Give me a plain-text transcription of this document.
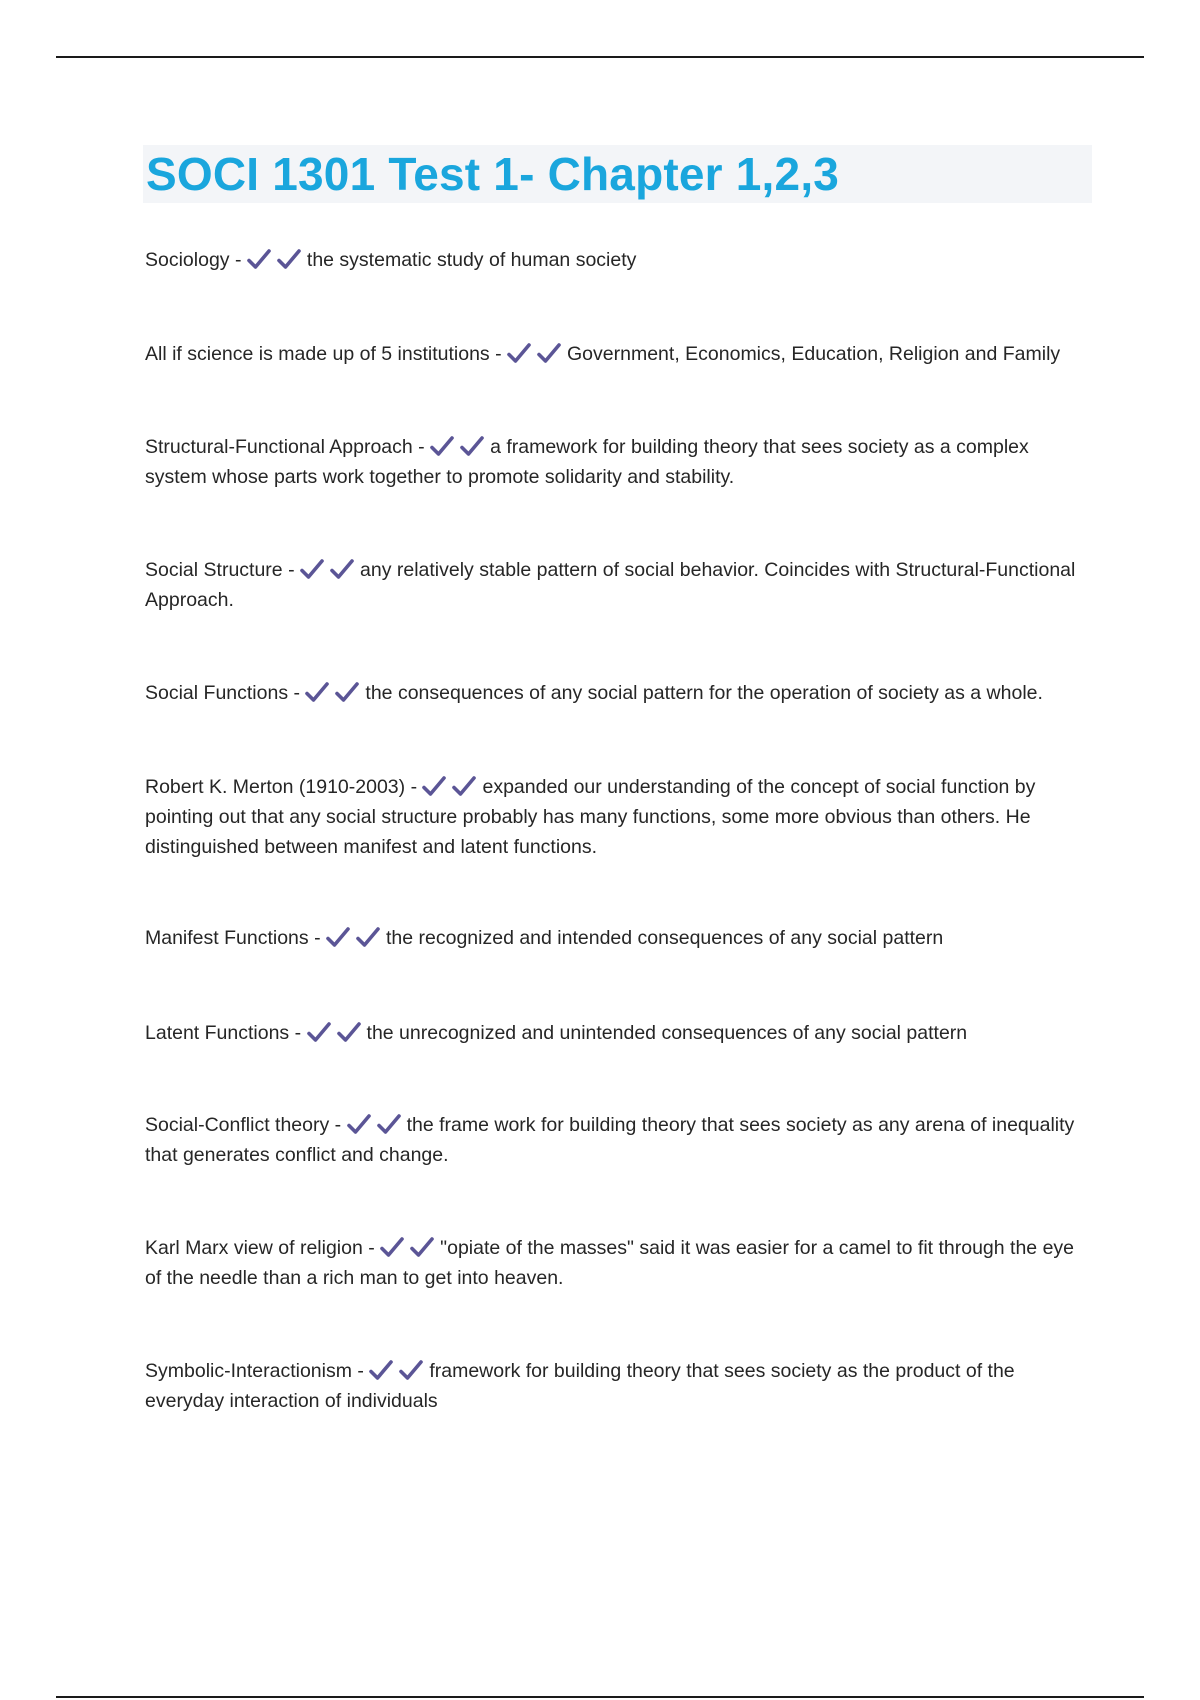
SOCI 1301 Test 1- Chapter 1,2,3
Sociology -	the systematic study of human society
All if science is made up of 5 institutions -	Government, Economics, Education, Religion and Family
Structural-Functional Approach -	a framework for building theory that sees society as a complex system whose parts work together to promote solidarity and stability.
Social Structure -	any relatively stable pattern of social behavior. Coincides with Structural-Functional Approach.
Social Functions -	the consequences of any social pattern for the operation of society as a whole.
Robert K. Merton (1910-2003) -	expanded our understanding of the concept of social function by pointing out that any social structure probably has many functions, some more obvious than others. He distinguished between manifest and latent functions.
Manifest Functions -	the recognized and intended consequences of any social pattern
Latent Functions -	the unrecognized and unintended consequences of any social pattern
Social-Conflict theory -	the frame work for building theory that sees society as any arena of inequality that generates conflict and change.
Karl Marx view of religion -	"opiate of the masses" said it was easier for a camel to fit through the eye of the needle than a rich man to get into heaven.
Symbolic-Interactionism -	framework for building theory that sees society as the product of the everyday interaction of individuals
